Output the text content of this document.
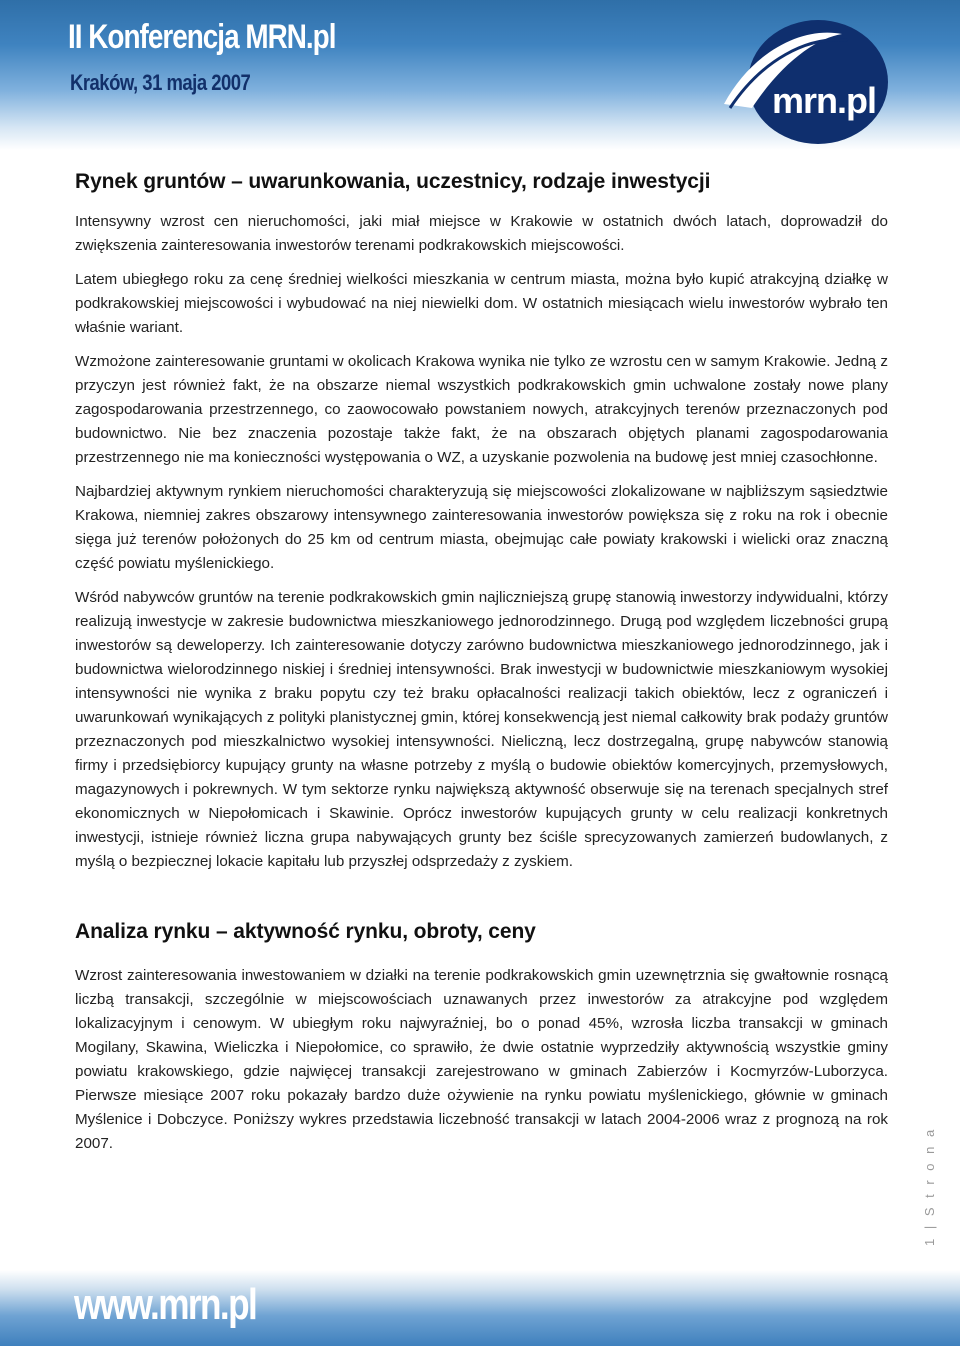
II Konferencja MRN.pl
Kraków, 31 maja 2007	mrn.pl
Rynek gruntów – uwarunkowania, uczestnicy, rodzaje inwestycji

Intensywny wzrost cen nieruchomości, jaki miał miejsce w Krakowie w ostatnich dwóch latach, doprowadził do zwiększenia zainteresowania inwestorów terenami podkrakowskich miejscowości.

Latem ubiegłego roku za cenę średniej wielkości mieszkania w centrum miasta, można było kupić atrakcyjną działkę w podkrakowskiej miejscowości i wybudować na niej niewielki dom. W ostatnich miesiącach wielu inwestorów wybrało ten właśnie wariant.

Wzmożone zainteresowanie gruntami w okolicach Krakowa wynika nie tylko ze wzrostu cen w samym Krakowie. Jedną z przyczyn jest również fakt, że na obszarze niemal wszystkich podkrakowskich gmin uchwalone zostały nowe plany zagospodarowania przestrzennego, co zaowocowało powstaniem nowych, atrakcyjnych terenów przeznaczonych pod budownictwo. Nie bez znaczenia pozostaje także fakt, że na obszarach objętych planami zagospodarowania przestrzennego nie ma konieczności występowania o WZ, a uzyskanie pozwolenia na budowę jest mniej czasochłonne.

Najbardziej aktywnym rynkiem nieruchomości charakteryzują się miejscowości zlokalizowane w najbliższym sąsiedztwie Krakowa, niemniej zakres obszarowy intensywnego zainteresowania inwestorów powiększa się z roku na rok i obecnie sięga już terenów położonych do 25 km od centrum miasta, obejmując całe powiaty krakowski i wielicki oraz znaczną część powiatu myślenickiego.

Wśród nabywców gruntów na terenie podkrakowskich gmin najliczniejszą grupę stanowią inwestorzy indywidualni, którzy realizują inwestycje w zakresie budownictwa mieszkaniowego jednorodzinnego. Drugą pod względem liczebności grupą inwestorów są deweloperzy. Ich zainteresowanie dotyczy zarówno budownictwa mieszkaniowego jednorodzinnego, jak i budownictwa wielorodzinnego niskiej i średniej intensywności. Brak inwestycji w budownictwie mieszkaniowym wysokiej intensywności nie wynika z braku popytu czy też braku opłacalności realizacji takich obiektów, lecz z ograniczeń i uwarunkowań wynikających z polityki planistycznej gmin, której konsekwencją jest niemal całkowity brak podaży gruntów przeznaczonych pod mieszkalnictwo wysokiej intensywności. Nieliczną, lecz dostrzegalną, grupę nabywców stanowią firmy i przedsiębiorcy kupujący grunty na własne potrzeby z myślą o budowie obiektów komercyjnych, przemysłowych, magazynowych i pokrewnych. W tym sektorze rynku największą aktywność obserwuje się na terenach specjalnych stref ekonomicznych w Niepołomicach i Skawinie. Oprócz inwestorów kupujących grunty w celu realizacji konkretnych inwestycji, istnieje również liczna grupa nabywających grunty bez ściśle sprecyzowanych zamierzeń budowlanych, z myślą o bezpiecznej lokacie kapitału lub przyszłej odsprzedaży z zyskiem.

Analiza rynku – aktywność rynku, obroty, ceny

Wzrost zainteresowania inwestowaniem w działki na terenie podkrakowskich gmin uzewnętrznia się gwałtownie rosnącą liczbą transakcji, szczególnie w miejscowościach uznawanych przez inwestorów za atrakcyjne pod względem lokalizacyjnym i cenowym. W ubiegłym roku najwyraźniej, bo o ponad 45%, wzrosła liczba transakcji w gminach Mogilany, Skawina, Wieliczka i Niepołomice, co sprawiło, że dwie ostatnie wyprzedziły aktywnością wszystkie gminy powiatu krakowskiego, gdzie najwięcej transakcji zarejestrowano w gminach Zabierzów i Kocmyrzów-Luborzyca. Pierwsze miesiące 2007 roku pokazały bardzo duże ożywienie na rynku powiatu myślenickiego, głównie w gminach Myślenice i Dobczyce. Poniższy wykres przedstawia liczebność transakcji w latach 2004-2006 wraz z prognozą na rok 2007.	1 | S t r o n a
www.mrn.pl
